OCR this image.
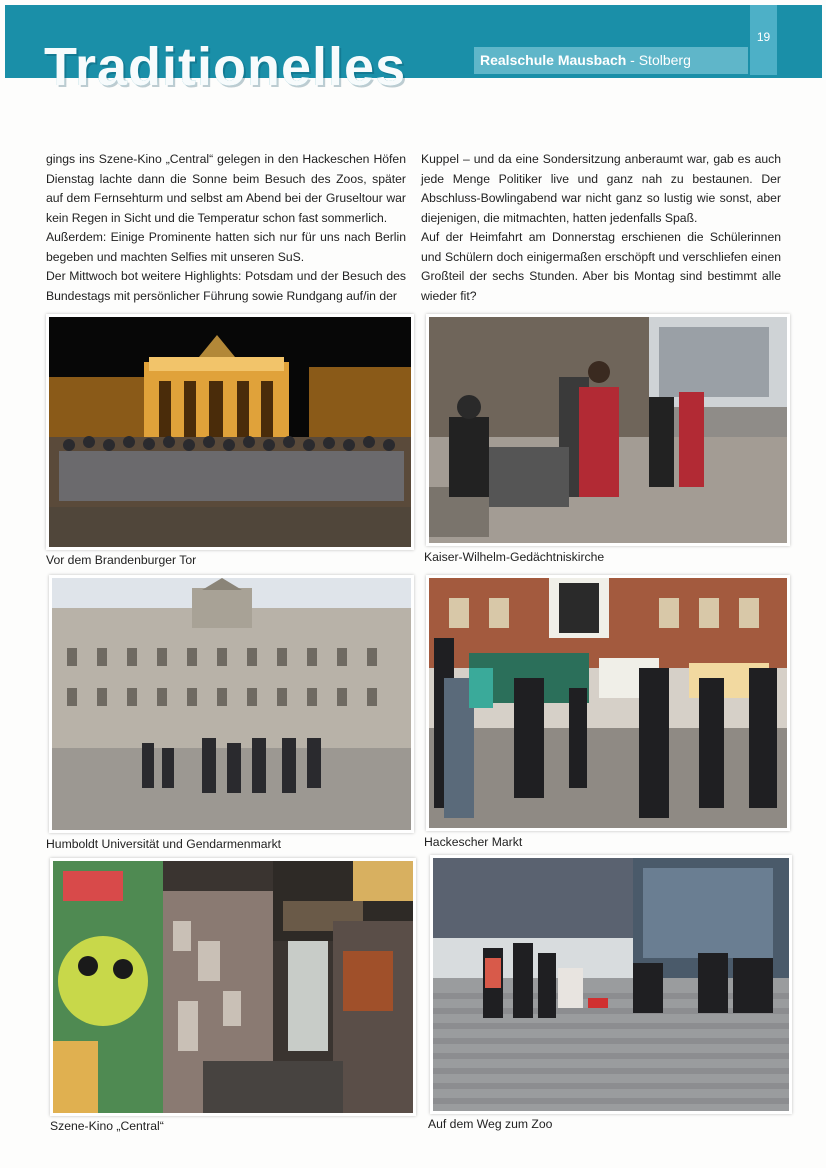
19
Realschule Mausbach - Stolberg
Traditionelles

gings ins Szene-Kino „Central“ gelegen in den Hackeschen Höfen Dienstag lachte dann die Sonne beim Besuch des Zoos, später auf dem Fernsehturm und selbst am Abend bei der Gruseltour war kein Regen in Sicht und die Temperatur schon fast sommerlich.

Außerdem: Einige Prominente hatten sich nur für uns nach Berlin begeben und machten Selfies mit unseren SuS.

Der Mittwoch bot weitere Highlights: Potsdam und der Besuch des Bundestags mit persönlicher Führung sowie Rundgang auf/in der

Kuppel – und da eine Sondersitzung anberaumt war, gab es auch jede Menge Politiker live und ganz nah zu bestaunen. Der Abschluss-Bowlingabend war nicht ganz so lustig wie sonst, aber diejenigen, die mitmachten, hatten jedenfalls Spaß.

Auf der Heimfahrt am Donnerstag erschienen die Schülerinnen und Schülern doch einigermaßen erschöpft und verschliefen einen Großteil der sechs Stunden. Aber bis Montag sind bestimmt alle wieder fit?

Vor dem Brandenburger Tor	Kaiser-Wilhelm-Gedächtniskirche
Humboldt Universität und Gendarmenmarkt	Hackescher Markt
Szene-Kino „Central“	Auf dem Weg zum Zoo
